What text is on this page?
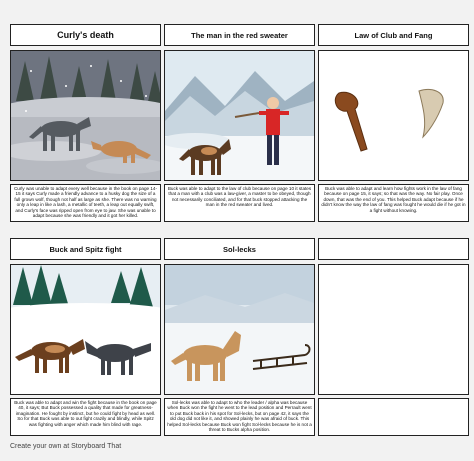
Curly's death
Curly was unable to adapt every well because in the book on page 14-15 it says Curly made a friendly advance to a husky dog the size of a full grown wolf, though not half as large as she. There was no warning only a leap in like a lash, a metallic of teeth, a leap out equally swift, and Curly's face was ripped open from eye to jaw. She was unable to adapt because she was friendly and it got her killed.
The man in the red sweater
Buck was able to adapt to the law of club because on page 10 it states that a man with a club was a law-giver, a master to be obeyed, though not necessarily conciliated, and for that buck stopped attacking the man in the red sweater and lived.
Law of Club and Fang
Buck was able to adapt and learn how fights work in the law of fang because on page 15, it says; so that was the way. No fair play. Once down, that was the end of you. This helped Buck adapt because if he didn't know the way the law of fang was fought he would die if he got in a fight without knowing.
Buck and Spitz fight
Buck was able to adapt and win the fight because in the book on page 40, it says; But Buck possessed a quality that made for greatness- imagination. He fought by instinct, but he could fight by head as well. So for that Buck was able to out fight crazily and blindly, while Spitz was fighting with anger which made him blind with rage.
Sol-lecks
Sol-lecks was able to adapt to who the leader / alpha was because when Buck won the fight he went to the lead position and Perrault went to put Buck back in his spot for Sol-lecks, but on page 42, it says the old dog did not like it, and showed plainly he was afraid of buck. This helped Sol-lecks because Buck won fight Sol-lecks because he is not a threat to Bucks alpha position.
Create your own at Storyboard That
